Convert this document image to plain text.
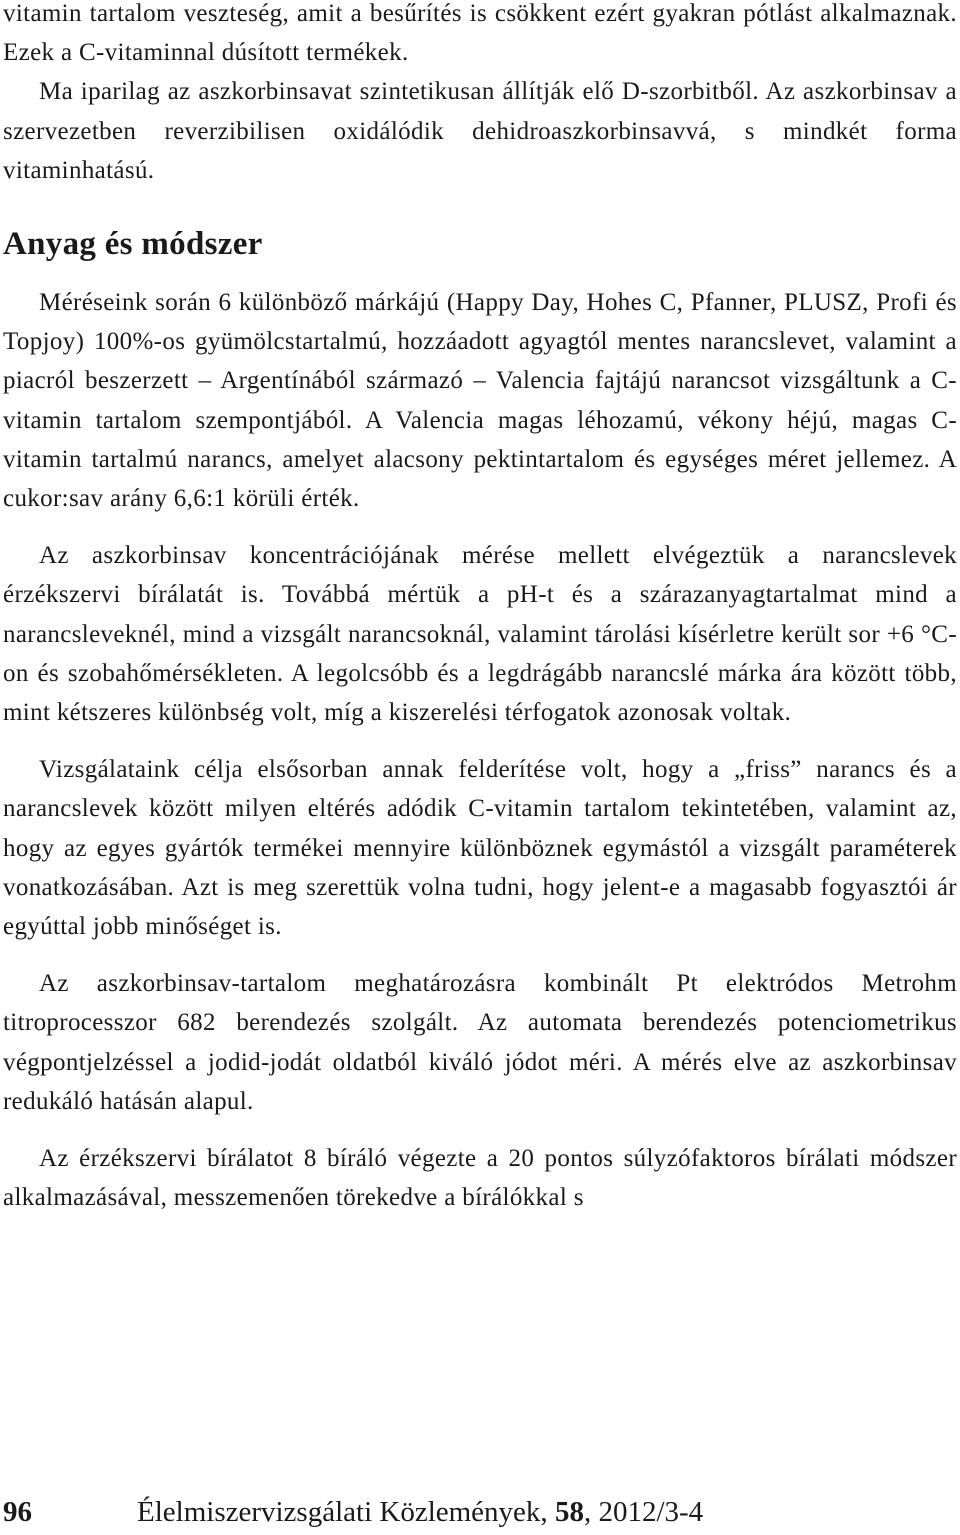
vitamin tartalom veszteség, amit a besűrítés is csökkent ezért gyakran pótlást alkalmaznak. Ezek a C-vitaminnal dúsított termékek.

Ma iparilag az aszkorbinsavat szintetikusan állítják elő D-szorbitből. Az aszkorbinsav a szervezetben reverzibilisen oxidálódik dehidroaszkorbinsavvá, s mindkét forma vitaminhatású.

Anyag és módszer

Méréseink során 6 különböző márkájú (Happy Day, Hohes C, Pfanner, PLUSZ, Profi és Topjoy) 100%-os gyümölcstartalmú, hozzáadott agyagtól mentes narancslevet, valamint a piacról beszerzett – Argentínából származó – Valencia fajtájú narancsot vizsgáltunk a C-vitamin tartalom szempontjából. A Valencia magas léhozamú, vékony héjú, magas C-vitamin tartalmú narancs, amelyet alacsony pektintartalom és egységes méret jellemez. A cukor:sav arány 6,6:1 körüli érték.

Az aszkorbinsav koncentrációjának mérése mellett elvégeztük a narancslevek érzékszervi bírálatát is. Továbbá mértük a pH-t és a szárazanyagtartalmat mind a narancsleveknél, mind a vizsgált narancsoknál, valamint tárolási kísérletre került sor +6 °C-on és szobahőmérsékleten. A legolcsóbb és a legdrágább narancslé márka ára között több, mint kétszeres különbség volt, míg a kiszerelési térfogatok azonosak voltak.

Vizsgálataink célja elsősorban annak felderítése volt, hogy a „friss” narancs és a narancslevek között milyen eltérés adódik C-vitamin tartalom tekintetében, valamint az, hogy az egyes gyártók termékei mennyire különböznek egymástól a vizsgált paraméterek vonatkozásában. Azt is meg szerettük volna tudni, hogy jelent-e a magasabb fogyasztói ár egyúttal jobb minőséget is.

Az aszkorbinsav-tartalom meghatározásra kombinált Pt elektródos Metrohm titroprocesszor 682 berendezés szolgált. Az automata berendezés potenciometrikus végpontjelzéssel a jodid-jodát oldatból kiváló jódot méri. A mérés elve az aszkorbinsav redukáló hatásán alapul.

Az érzékszervi bírálatot 8 bíráló végezte a 20 pontos súlyzófaktoros bírálati módszer alkalmazásával, messzemenően törekedve a bírálókkal s

96	Élelmiszervizsgálati Közlemények, 58, 2012/3-4
